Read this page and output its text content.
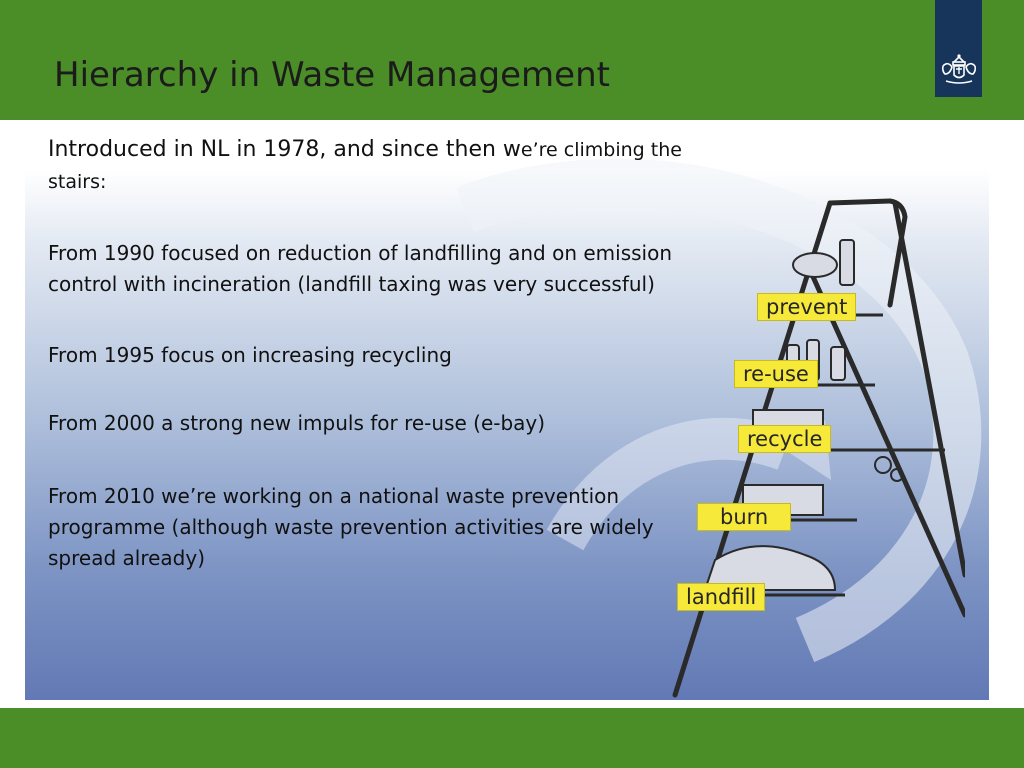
Hierarchy in Waste Management
prevent
re-use
recycle
burn
landfill

Introduced in NL in 1978, and since then we’re climbing the stairs:

From 1990 focused on reduction of landfilling and on emission control with incineration (landfill taxing was very successful)

From 1995 focus on increasing recycling

From 2000 a strong new impuls for re-use (e-bay)

From 2010 we’re working on a national waste prevention programme (although waste prevention activities are widely spread already)
